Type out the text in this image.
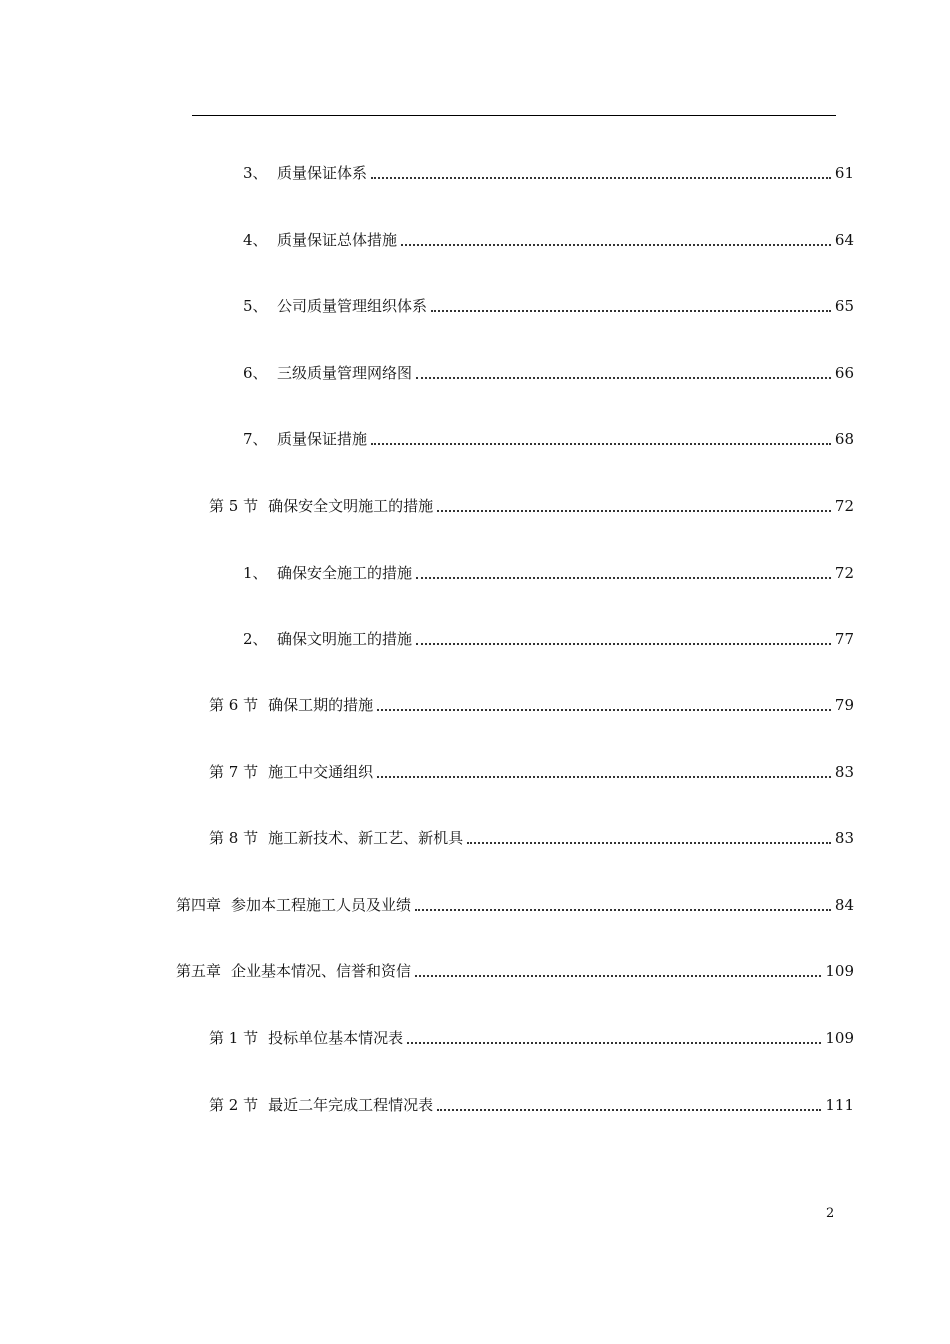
3、 质量保证体系	61
4、 质量保证总体措施	64
5、 公司质量管理组织体系	65
6、 三级质量管理网络图	66
7、 质量保证措施	68
第 5 节 确保安全文明施工的措施	72
1、 确保安全施工的措施	72
2、 确保文明施工的措施	77
第 6 节 确保工期的措施	79
第 7 节 施工中交通组织	83
第 8 节 施工新技术、新工艺、新机具	83
第四章 参加本工程施工人员及业绩	84
第五章 企业基本情况、信誉和资信	109
第 1 节 投标单位基本情况表	109
第 2 节 最近二年完成工程情况表	111
2
